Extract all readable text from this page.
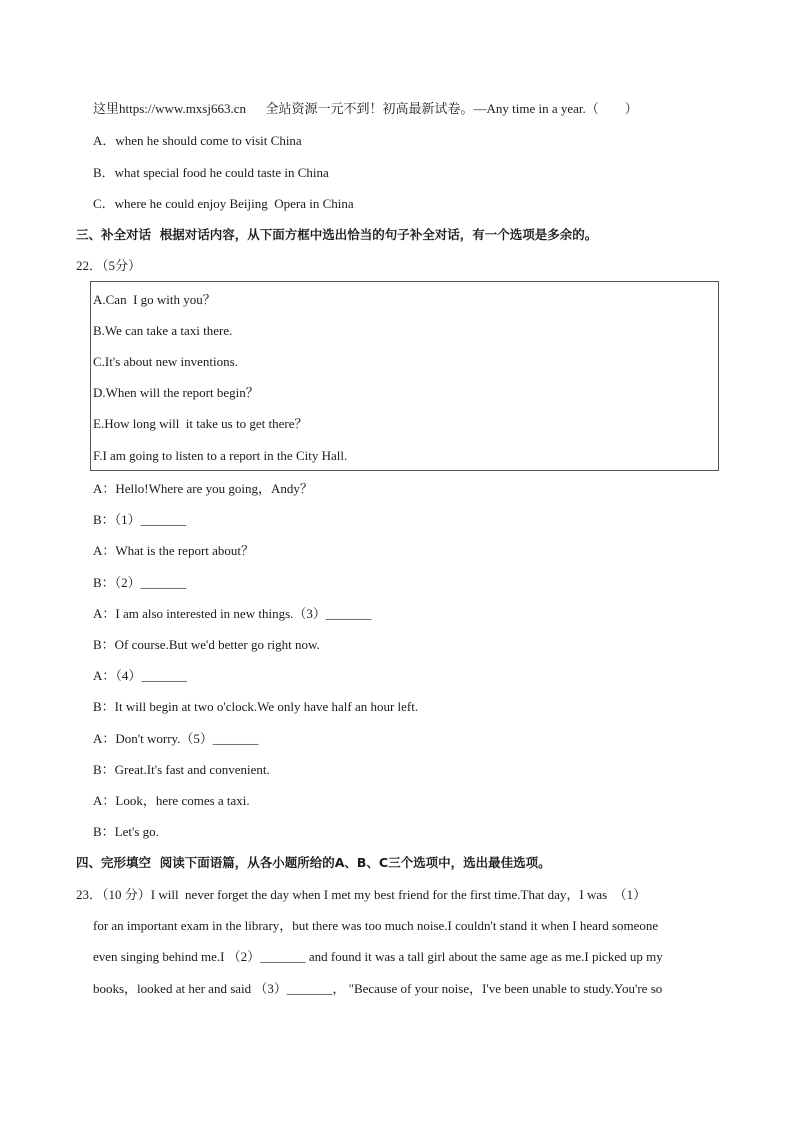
这里https://www.mxsj663.cn      全站资源一元不到！初高最新试卷。—Any time in a year.（        ）
A．when he should come to visit China
B．what special food he could taste in China
C．where he could enjoy Beijing  Opera in China
三、补全对话  根据对话内容，从下面方框中选出恰当的句子补全对话，有一个选项是多余的。
22．（5分）
A.Can  I go with you？
B.We can take a taxi there.
C.It's about new inventions.
D.When will the report begin？
E.How long will  it take us to get there？
F.I am going to listen to a report in the City Hall.
A：Hello!Where are you going，Andy？
B：（1）_______
A：What is the report about？
B：（2）_______
A：I am also interested in new things.（3）_______
B：Of course.But we'd better go right now.
A：（4）_______
B：It will begin at two o'clock.We only have half an hour left.
A：Don't worry.（5）_______
B：Great.It's fast and convenient.
A：Look，here comes a taxi.
B：Let's go.
四、完形填空  阅读下面语篇，从各小题所给的A、B、C三个选项中，选出最佳选项。
23．（10 分）I will  never forget the day when I met my best friend for the first time.That day，I was  （1）
for an important exam in the library，but there was too much noise.I couldn't stand it when I heard someone
even singing behind me.I （2）_______ and found it was a tall girl about the same age as me.I picked up my
books，looked at her and said （3）_______， "Because of your noise，I've been unable to study.You're so
